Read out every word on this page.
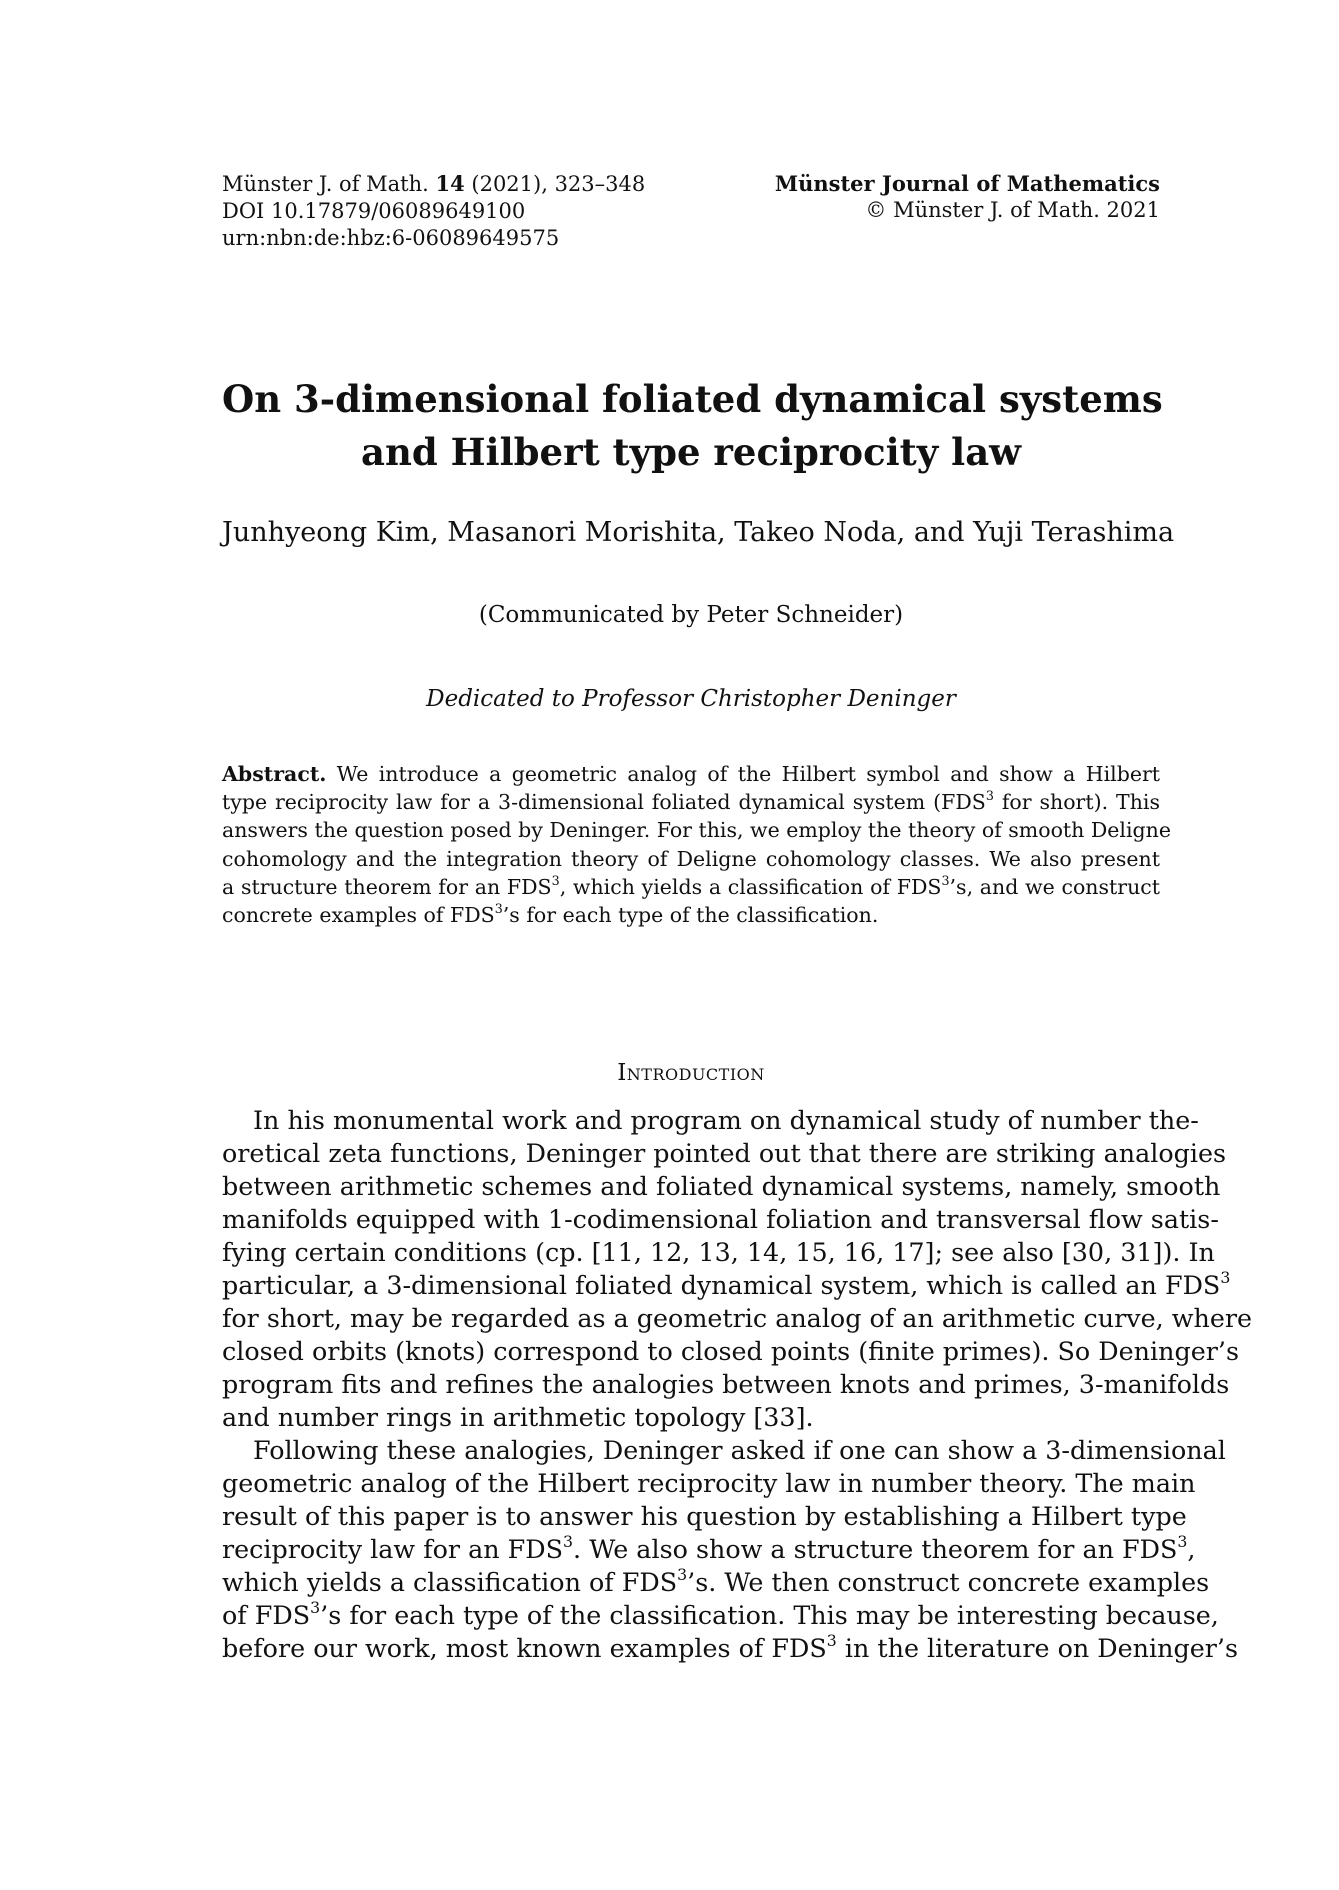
Münster J. of Math. 14 (2021), 323–348
DOI 10.17879/06089649100
urn:nbn:de:hbz:6-06089649575
Münster Journal of Mathematics
© Münster J. of Math. 2021
On 3-dimensional foliated dynamical systems
and Hilbert type reciprocity law
Junhyeong Kim, Masanori Morishita, Takeo Noda, and Yuji Terashima
(Communicated by Peter Schneider)
Dedicated to Professor Christopher Deninger
Abstract. We introduce a geometric analog of the Hilbert symbol and show a Hilbert
type reciprocity law for a 3-dimensional foliated dynamical system (FDS$^3$ for short). This
answers the question posed by Deninger. For this, we employ the theory of smooth Deligne
cohomology and the integration theory of Deligne cohomology classes. We also present
a structure theorem for an FDS$^3$, which yields a classification of FDS$^3$’s, and we construct
concrete examples of FDS$^3$’s for each type of the classification.
Introduction
In his monumental work and program on dynamical study of number the-
oretical zeta functions, Deninger pointed out that there are striking analogies
between arithmetic schemes and foliated dynamical systems, namely, smooth
manifolds equipped with 1-codimensional foliation and transversal flow satis-
fying certain conditions (cp. [11, 12, 13, 14, 15, 16, 17]; see also [30, 31]). In
particular, a 3-dimensional foliated dynamical system, which is called an FDS$^3$
for short, may be regarded as a geometric analog of an arithmetic curve, where
closed orbits (knots) correspond to closed points (finite primes). So Deninger’s
program fits and refines the analogies between knots and primes, 3-manifolds
and number rings in arithmetic topology [33].
Following these analogies, Deninger asked if one can show a 3-dimensional
geometric analog of the Hilbert reciprocity law in number theory. The main
result of this paper is to answer his question by establishing a Hilbert type
reciprocity law for an FDS$^3$. We also show a structure theorem for an FDS$^3$,
which yields a classification of FDS$^3$’s. We then construct concrete examples
of FDS$^3$’s for each type of the classification. This may be interesting because,
before our work, most known examples of FDS$^3$ in the literature on Deninger’s
